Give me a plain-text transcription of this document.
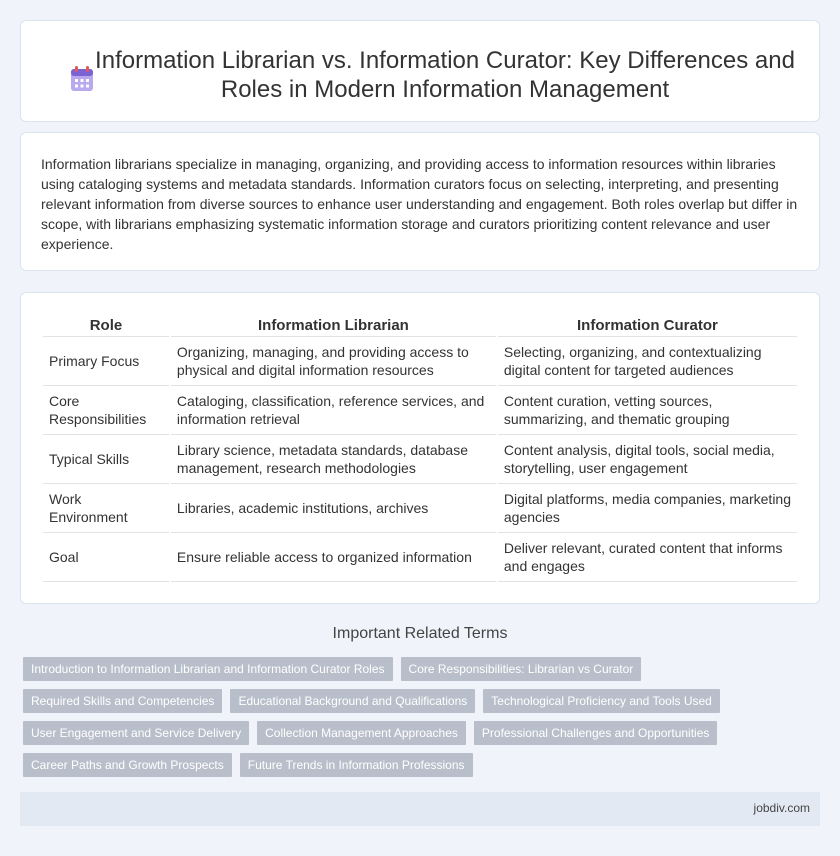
Information Librarian vs. Information Curator: Key Differences and Roles in Modern Information Management

Information librarians specialize in managing, organizing, and providing access to information resources within libraries using cataloging systems and metadata standards. Information curators focus on selecting, interpreting, and presenting relevant information from diverse sources to enhance user understanding and engagement. Both roles overlap but differ in scope, with librarians emphasizing systematic information storage and curators prioritizing content relevance and user experience.

Role	Information Librarian	Information Curator
Primary Focus	Organizing, managing, and providing access to physical and digital information resources	Selecting, organizing, and contextualizing digital content for targeted audiences
Core Responsibilities	Cataloging, classification, reference services, and information retrieval	Content curation, vetting sources, summarizing, and thematic grouping
Typical Skills	Library science, metadata standards, database management, research methodologies	Content analysis, digital tools, social media, storytelling, user engagement
Work Environment	Libraries, academic institutions, archives	Digital platforms, media companies, marketing agencies
Goal	Ensure reliable access to organized information	Deliver relevant, curated content that informs and engages
Important Related Terms
Introduction to Information Librarian and Information Curator Roles	Core Responsibilities: Librarian vs Curator
Required Skills and Competencies	Educational Background and Qualifications	Technological Proficiency and Tools Used
User Engagement and Service Delivery	Collection Management Approaches	Professional Challenges and Opportunities
Career Paths and Growth Prospects	Future Trends in Information Professions
jobdiv.com
